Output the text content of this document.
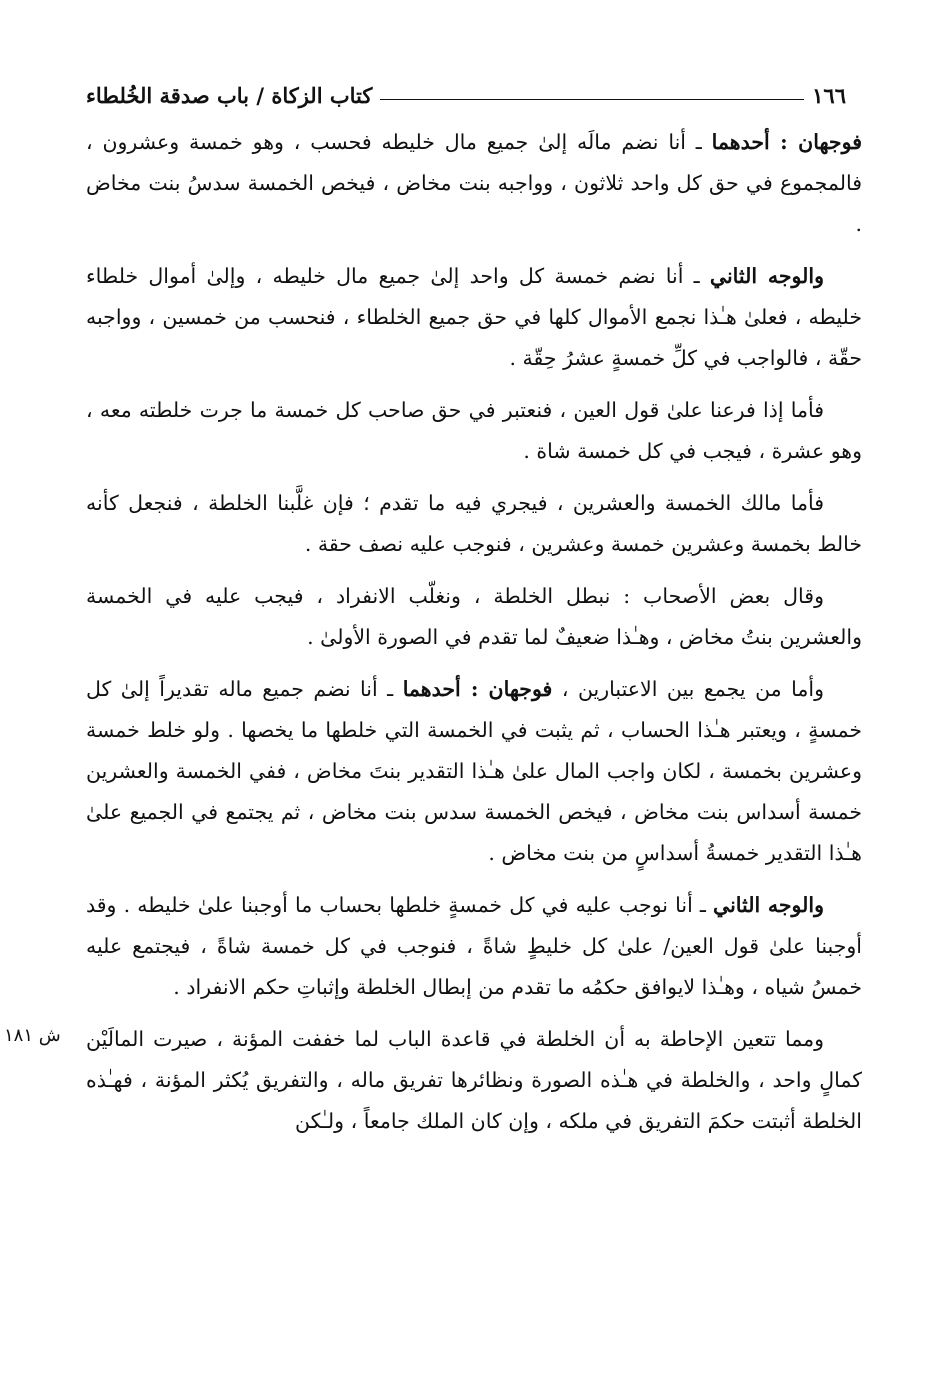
١٦٦
كتاب الزكاة / باب صدقة الخُلطاء
ش ١٨١

فوجهان : أحدهما ـ أنا نضم مالَه إلىٰ جميع مال خليطه فحسب ، وهو خمسة وعشرون ، فالمجموع في حق كل واحد ثلاثون ، وواجبه بنت مخاض ، فيخص الخمسة سدسُ بنت مخاض .

والوجه الثاني ـ أنا نضم خمسة كل واحد إلىٰ جميع مال خليطه ، وإلىٰ أموال خلطاء خليطه ، فعلىٰ هـٰذا نجمع الأموال كلها في حق جميع الخلطاء ، فنحسب من خمسين ، وواجبه حقّة ، فالواجب في كلِّ خمسةٍ عشرُ حِقّة .

فأما إذا فرعنا علىٰ قول العين ، فنعتبر في حق صاحب كل خمسة ما جرت خلطته معه ، وهو عشرة ، فيجب في كل خمسة شاة .

فأما مالك الخمسة والعشرين ، فيجري فيه ما تقدم ؛ فإن غلَّبنا الخلطة ، فنجعل كأنه خالط بخمسة وعشرين خمسة وعشرين ، فنوجب عليه نصف حقة .

وقال بعض الأصحاب : نبطل الخلطة ، ونغلّب الانفراد ، فيجب عليه في الخمسة والعشرين بنتُ مخاض ، وهـٰذا ضعيفٌ لما تقدم في الصورة الأولىٰ .

وأما من يجمع بين الاعتبارين ، فوجهان : أحدهما ـ أنا نضم جميع ماله تقديراً إلىٰ كل خمسةٍ ، ويعتبر هـٰذا الحساب ، ثم يثبت في الخمسة التي خلطها ما يخصها . ولو خلط خمسة وعشرين بخمسة ، لكان واجب المال علىٰ هـٰذا التقدير بنتَ مخاض ، ففي الخمسة والعشرين خمسة أسداس بنت مخاض ، فيخص الخمسة سدس بنت مخاض ، ثم يجتمع في الجميع علىٰ هـٰذا التقدير خمسةُ أسداسٍ من بنت مخاض .

والوجه الثاني ـ أنا نوجب عليه في كل خمسةٍ خلطها بحساب ما أوجبنا علىٰ خليطه . وقد أوجبنا علىٰ قول العين/ علىٰ كل خليطٍ شاةً ، فنوجب في كل خمسة شاةً ، فيجتمع عليه خمسُ شياه ، وهـٰذا لايوافق حكمُه ما تقدم من إبطال الخلطة وإثباتِ حكم الانفراد .

ومما تتعين الإحاطة به أن الخلطة في قاعدة الباب لما خففت المؤنة ، صيرت المالَيْن كمالٍ واحد ، والخلطة في هـٰذه الصورة ونظائرها تفريق ماله ، والتفريق يُكثر المؤنة ، فهـٰذه الخلطة أثبتت حكمَ التفريق في ملكه ، وإن كان الملك جامعاً ، ولـٰكن
